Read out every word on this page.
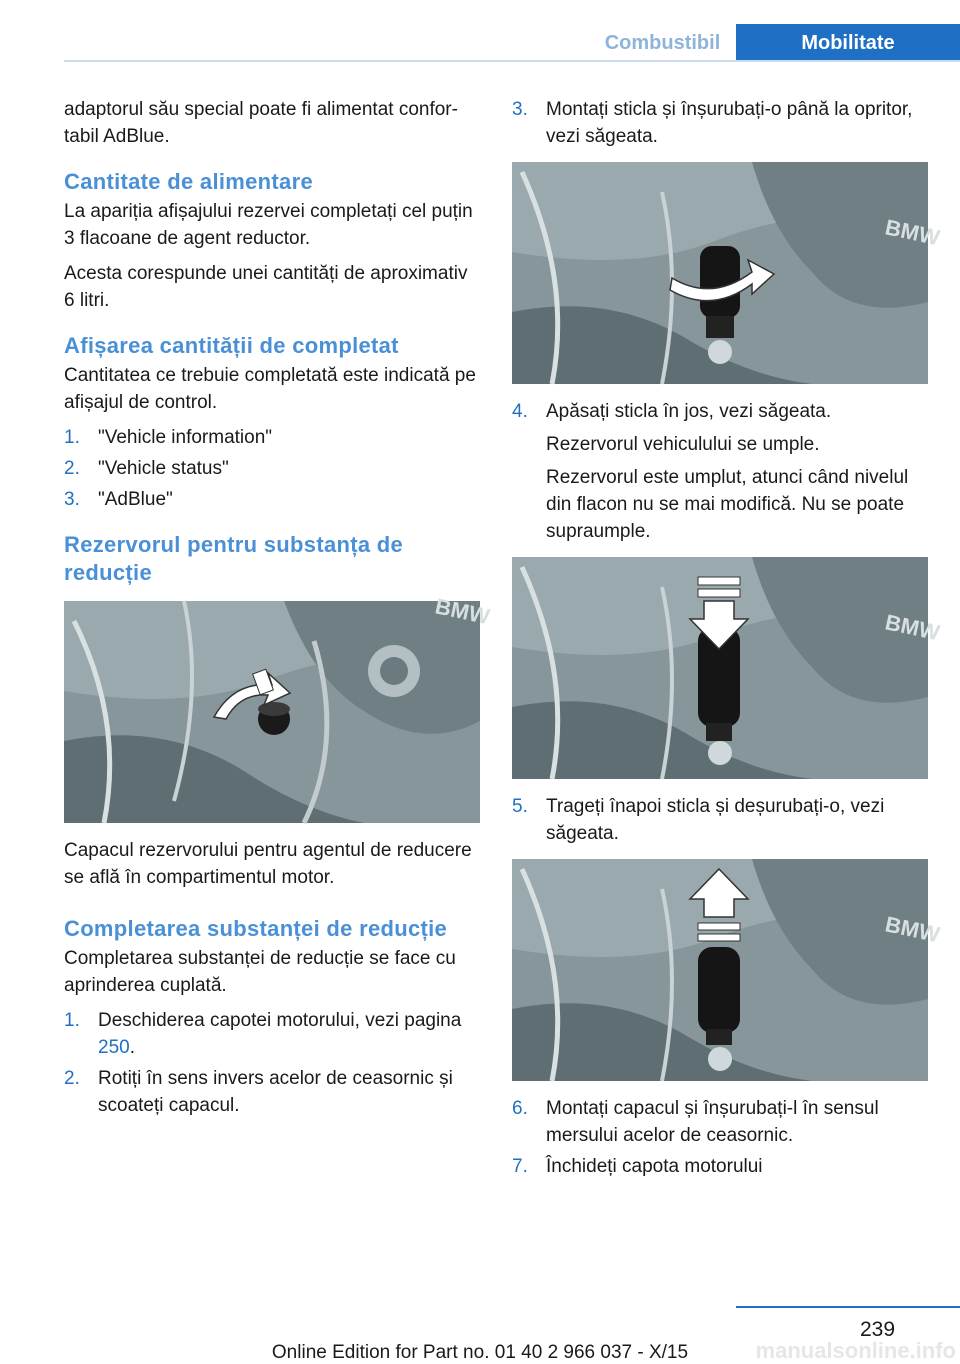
Combustibil	Mobilitate

adaptorul său special poate fi alimentat confortabil AdBlue.

Cantitate de alimentare

La apariția afișajului rezervei completați cel puțin 3 flacoane de agent reductor.

Acesta corespunde unei cantități de aproximativ 6 litri.

Afișarea cantității de completat

Cantitatea ce trebuie completată este indicată pe afișajul de control.

1. "Vehicle information"
2. "Vehicle status"
3. "AdBlue"
Rezervorul pentru substanța de reducție
BMW

Capacul rezervorului pentru agentul de reducere se află în compartimentul motor.

Completarea substanței de reducție

Completarea substanței de reducție se face cu aprinderea cuplată.

1. Deschiderea capotei motorului, vezi pagina 250.
2. Rotiți în sens invers acelor de ceasornic și scoateți capacul.
3. Montați sticla și înșurubați-o până la opritor, vezi săgeata.
BMW
4. Apăsați sticla în jos, vezi săgeata.

Rezervorul vehiculului se umple.

Rezervorul este umplut, atunci când nivelul din flacon nu se mai modifică. Nu se poate supraumple.

BMW
5. Trageți înapoi sticla și deșurubați-o, vezi săgeata.
BMW
6. Montați capacul și înșurubați-l în sensul mersului acelor de ceasornic.
7. Închideți capota motorului
239
Online Edition for Part no. 01 40 2 966 037 - X/15	manualsonline.info
